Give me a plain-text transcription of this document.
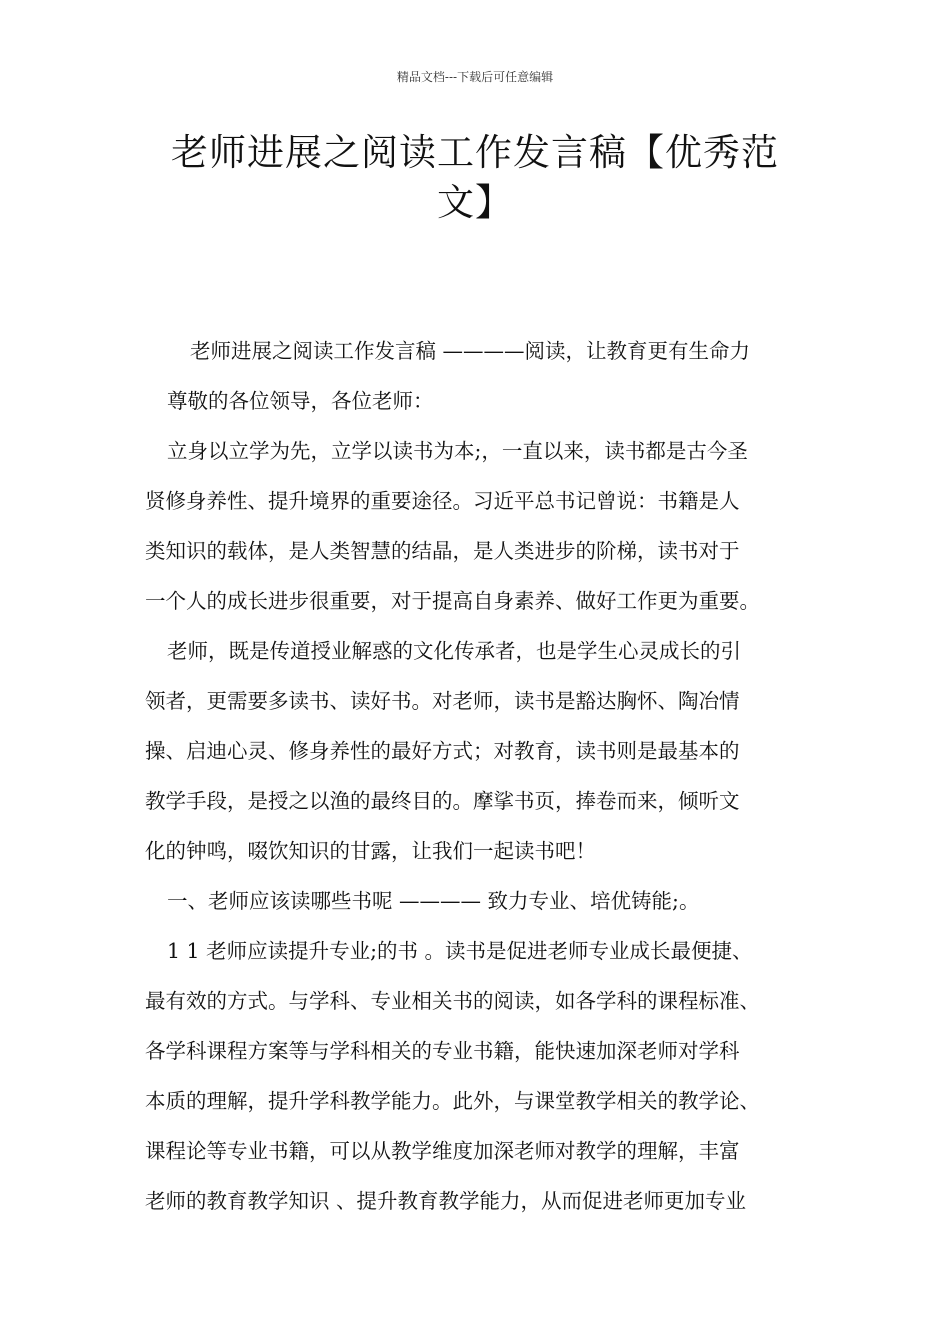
精品文档---下载后可任意编辑
老师进展之阅读工作发言稿【优秀范文】

老师进展之阅读工作发言稿 ————阅读，让教育更有生命力

尊敬的各位领导，各位老师：

立身以立学为先，立学以读书为本;，一直以来，读书都是古今圣

贤修身养性、提升境界的重要途径。习近平总书记曾说：书籍是人

类知识的载体，是人类智慧的结晶，是人类进步的阶梯，读书对于

一个人的成长进步很重要，对于提高自身素养、做好工作更为重要。

老师，既是传道授业解惑的文化传承者，也是学生心灵成长的引

领者，更需要多读书、读好书。对老师，读书是豁达胸怀、陶冶情

操、启迪心灵、修身养性的最好方式；对教育，读书则是最基本的

教学手段，是授之以渔的最终目的。摩挲书页，捧卷而来，倾听文

化的钟鸣，啜饮知识的甘露，让我们一起读书吧！

一、老师应该读哪些书呢 ———— 致力专业、培优铸能;。

1 1 老师应读提升专业;的书 。读书是促进老师专业成长最便捷、

最有效的方式。与学科、专业相关书的阅读，如各学科的课程标准、

各学科课程方案等与学科相关的专业书籍，能快速加深老师对学科

本质的理解，提升学科教学能力。此外，与课堂教学相关的教学论、

课程论等专业书籍，可以从教学维度加深老师对教学的理解，丰富

老师的教育教学知识 、提升教育教学能力，从而促进老师更加专业
